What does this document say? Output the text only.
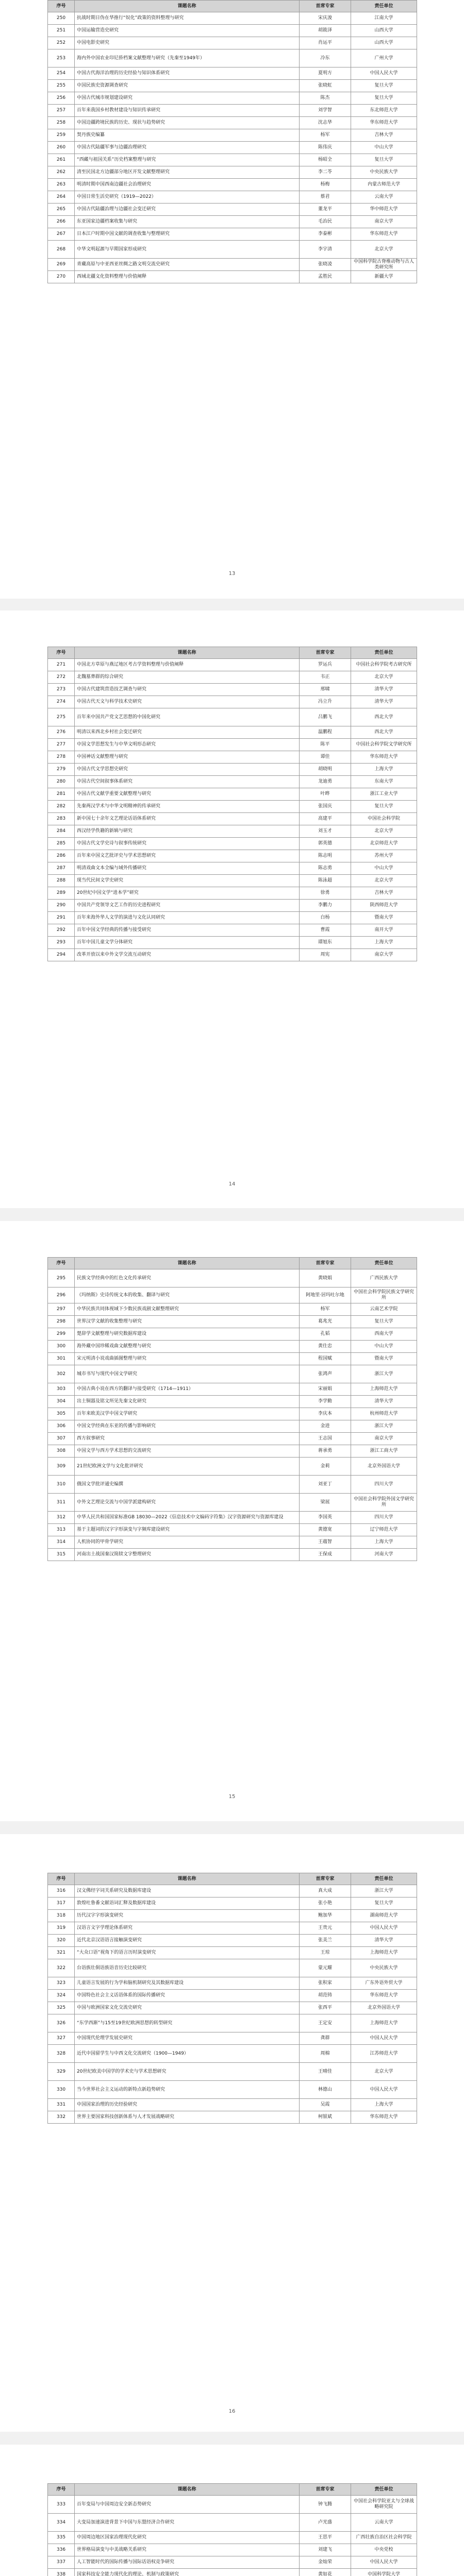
序号	课题名称	首席专家	责任单位
250	抗战时期日伪在华推行“奴化”政策的资料整理与研究	宋庆浚	江南大学
251	中国运输营造史研究	胡筱泽	山西大学
252	中国电影史研究	肖运平	山西大学
253	海内外中国农业印尼侨档案文献整理与研究（先秦至1949年）	冷东	广州大学
254	中国古代海洋治理的历史经验与知识体系研究	夏明方	中国人民大学
255	中国民族史资源调查研究	张晓虹	复旦大学
256	中国古代城市规划建设研究	陈杰	复旦大学
257	百年来我国乡村教材建设与知识传承研究	刘学智	东北师范大学
258	中国边疆跨境民族的历史、现状与趋势研究	沈志华	华东师范大学
259	契丹族史编纂	杨军	吉林大学
260	中国古代陆疆军事与边疆治理研究	陈伟庆	中山大学
261	“西藏与祖国关系”历史档案整理与研究	杨昭全	复旦大学
262	清至民国北方边疆部分地区开发文献整理研究	李二苓	中央民族大学
263	明清时期中国西南边疆社会治理研究	杨梅	内蒙古师范大学
264	中国日常生活史研究（1919—2022）	蔡君	云南大学
265	中国古代陆疆治理与边疆社会变迁研究	董龙平	华中师范大学
266	东亚国家边疆档案收集与研究	毛治民	南京大学
267	日本江户时期中国文献的调查收集与整理研究	李泰彬	华东师范大学
268	中华文明起源与早期国家形成研究	李宇清	北京大学
269	青藏高原与中亚西亚丝绸之路文明交流史研究	张晓凌	中国科学院古脊椎动物与古人类研究所
270	西域北疆文化资料整理与价值阐释	孟胜民	新疆大学
13
序号	课题名称	首席专家	责任单位
271	中国北方草原与燕辽地区考古学资料整理与价值阐释	罗运兵	中国社会科学院考古研究所
272	北魏墓葬群的综合研究	韦正	北京大学
273	中国古代建筑营造技艺调查与研究	邢啸	清华大学
274	中国古代天文与科学技术史研究	冯立升	清华大学
275	百年来中国共产党文艺思想的中国化研究	吕鹏飞	西北大学
276	明清以来西北乡村社会变迁研究	温鹏程	西北大学
277	中国文学思想发生与中华文明形态研究	陈平	中国社会科学院文学研究所
278	中国神话文献整理与研究	谭佳	华东师范大学
279	中国古代文学思想史研究	胡晓明	上海大学
280	中国古代空间叙事体系研究	龙迪勇	东南大学
281	中国古代文献学重要文献整理与研究	叶晔	浙江工业大学
282	先秦两汉学术与中华文明精神的传承研究	张国庆	复旦大学
283	新中国七十余年文艺理论话语体系研究	高建平	中国社会科学院
284	西汉经学佚籍的新辑与研究	刘玉才	北京大学
285	中国古代文学史诗与叙事传统研究	郭英德	北京师范大学
286	百年来中国文艺批评史与学术思想研究	陈志明	苏州大学
287	明清戏曲文本全编与域外传播研究	陈志勇	中山大学
288	现当代民间文学史研究	陈泳超	北京大学
289	20世纪中国文学“进本学”研究	徐勇	吉林大学
290	中国共产党领导文艺工作的历史进程研究	李鹏力	陕西师范大学
291	百年来海外华人文学的演进与文化认同研究	白杨	暨南大学
292	百年中国文学经典的传播与接受研究	曹霞	南开大学
293	百年中国儿童文学分体研究	谭旭东	上海大学
294	改革开放以来中外文学交流互动研究	周宪	南京大学
14
序号	课题名称	首席专家	责任单位
295	民族文学经典中的红色文化传承研究	黄晓娟	广西民族大学
296	《玛纳斯》史诗传统文本的收集、翻译与研究	阿地里·居玛吐尔地	中国社会科学院民族文学研究所
297	中华民族共同体视域下少数民族戏剧文献整理研究	杨军	云南艺术学院
298	世界汉学文献的收集整理与研究	葛兆光	复旦大学
299	楚辞学文献整理与研究数据库建设	孔韬	西南大学
300	海外藏中国珍稀戏曲文献整理与研究	黄仕忠	中山大学
301	宋元明清小说戏曲插图整理与研究	程国赋	暨南大学
302	城市书写与现代中国文学研究	张鸿声	浙江大学
303	中国古典小说在西方的翻译与接受研究（1714—1911）	宋丽娟	上海师范大学
304	出土铜器及铭文所见先秦文化研究	李学勤	清华大学
305	百年来欧美汉学中国文学研究	李庆本	杭州师范大学
306	中国文学经典在东亚的传播与影响研究	金进	浙江大学
307	西方叙事研究	王志国	南京大学
308	中国文学与西方学术思想的交流研究	蒋承勇	浙江工商大学
309	21世纪欧洲文学与文化批评研究	金莉	北京外国语大学
310	俄国文学批评通史编撰	刘亚丁	四川大学
311	中外文艺理论交流与中国学派建构研究	梁展	中国社会科学院外国文学研究所
312	中华人民共和国国家标准GB 18030—2022《信息技术中文编码字符集》汉字资源研究与资源库建设	李国英	四川大学
313	基于主题词的汉字字形演变与字频库建设研究	黄德宽	辽宁师范大学
314	人机协同的甲骨学研究	王蕴智	上海大学
315	河南出土战国秦汉简牍文字整理研究	王保成	河南大学
15
序号	课题名称	首席专家	责任单位
316	汉文佛经字词关系研究及数据库建设	真大成	浙江大学
317	敦煌吐鲁番文献语词汇释及数据库建设	张小艳	复旦大学
318	历代汉字字形演变研究	鲍加华	湖南师范大学
319	汉语言文字学理论体系研究	王贵元	中国人民大学
320	近代北京汉语语言接触演变研究	张美兰	清华大学
321	“大众口语”视角下的语言历时演变研究	王琼	上海师范大学
322	台语族壮侗语族语音历史比较研究	蒙元耀	中央民族大学
323	儿童语言发展的行为学和脑机制研究及其数据库建设	张积家	广东外语外贸大学
324	中国特色社会主义话语体系的国际传播研究	胡范铸	华东师范大学
325	中国与欧洲国家文化交流史研究	张西平	北京外国语大学
326	“东学西渐”与15至19世纪欧洲思想的转型研究	王定安	上海师范大学
327	中国现代伦理学发展史研究	龚群	中国人民大学
328	近代中国留学生与中西文化交流研究（1900—1949）	周棉	江苏师范大学
329	20世纪欧美中国学的学术史与学术思想研究	王晴佳	北京大学
330	当今世界社会主义运动的新特点新趋势研究	林德山	中国人民大学
331	中国国家治理的历史经验研究	吴霞	上海大学
332	世界主要国家科技创新体系与人才发展战略研究	柯银斌	华东师范大学
16
序号	课题名称	首席专家	责任单位
333	百年变局与中国周边安全新态势研究	钟飞腾	中国社会科学院亚太与全球战略研究院
334	大变局加速演进背景下中国与东盟经济合作研究	卢光盛	云南大学
335	中国周边地区国家治理现代化研究	王思平	广西壮族自治区社会科学院
336	世界格局演变与中美战略关系研究	刘建飞	中央党校
337	人工智能时代的国际传播与国际话语权竞争研究	金灿荣	中国人民大学
338	国家科技安全能力现代化的理论、机制与政策研究	黄如花	中国科学院大学
